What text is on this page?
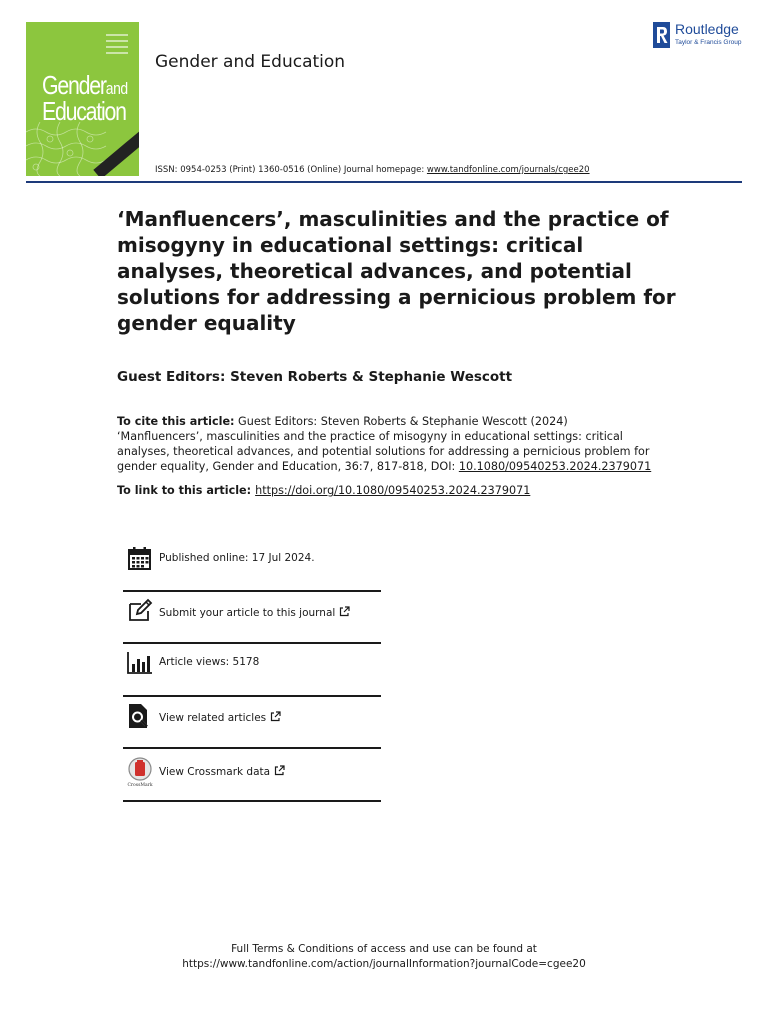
Genderand
Education
Gender and Education
Routledge
Taylor & Francis Group
ISSN: 0954-0253 (Print) 1360-0516 (Online) Journal homepage: www.tandfonline.com/journals/cgee20
‘Manfluencers’, masculinities and the practice of misogyny in educational settings: critical analyses, theoretical advances, and potential solutions for addressing a pernicious problem for gender equality
Guest Editors: Steven Roberts & Stephanie Wescott
To cite this article: Guest Editors: Steven Roberts & Stephanie Wescott (2024) ‘Manfluencers’, masculinities and the practice of misogyny in educational settings: critical analyses, theoretical advances, and potential solutions for addressing a pernicious problem for gender equality, Gender and Education, 36:7, 817-818, DOI: 10.1080/09540253.2024.2379071
To link to this article: https://doi.org/10.1080/09540253.2024.2379071
Published online: 17 Jul 2024.
Submit your article to this journal
Article views: 5178
View related articles
CrossMark
View Crossmark data
Full Terms & Conditions of access and use can be found at
https://www.tandfonline.com/action/journalInformation?journalCode=cgee20
